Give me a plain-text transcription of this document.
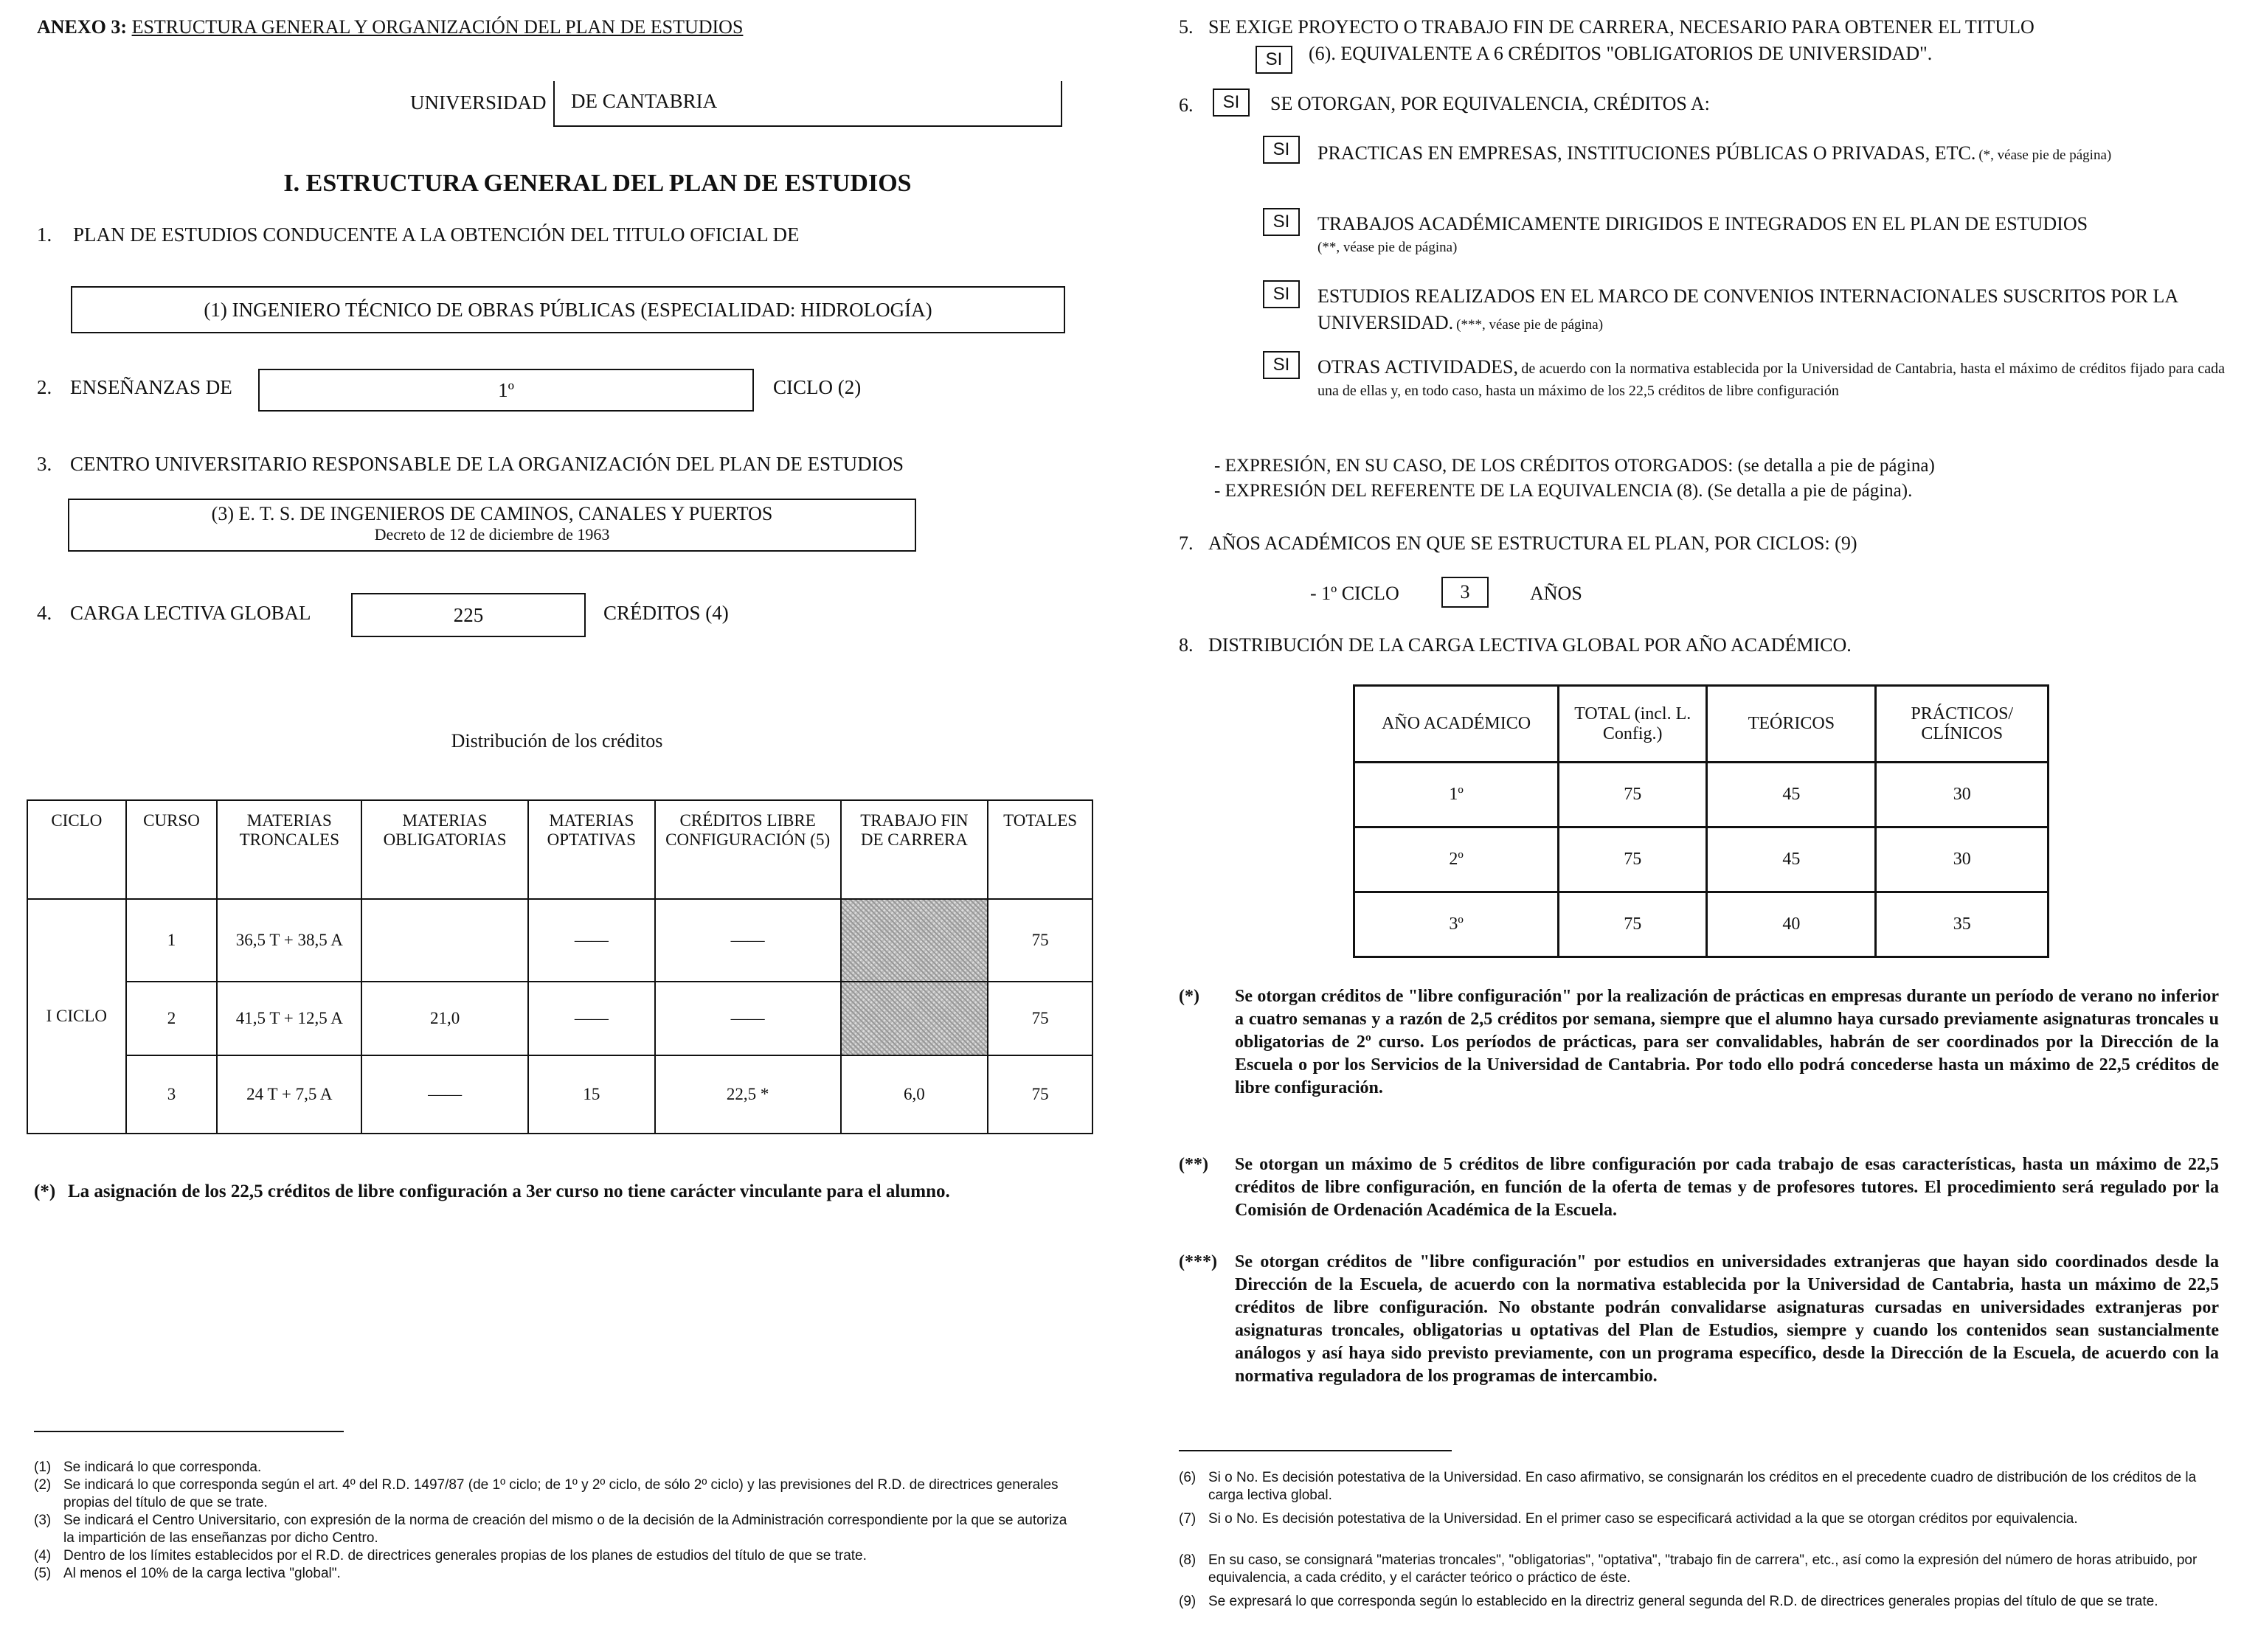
ANEXO 3: ESTRUCTURA GENERAL Y ORGANIZACIÓN DEL PLAN DE ESTUDIOS
UNIVERSIDAD DE CANTABRIA
I. ESTRUCTURA GENERAL DEL PLAN DE ESTUDIOS
1. PLAN DE ESTUDIOS CONDUCENTE A LA OBTENCIÓN DEL TITULO OFICIAL DE
(1) INGENIERO TÉCNICO DE OBRAS PÚBLICAS (ESPECIALIDAD: HIDROLOGÍA)
2. ENSEÑANZAS DE	1º	CICLO (2)
3. CENTRO UNIVERSITARIO RESPONSABLE DE LA ORGANIZACIÓN DEL PLAN DE ESTUDIOS
(3) E. T. S. DE INGENIEROS DE CAMINOS, CANALES Y PUERTOS
Decreto de 12 de diciembre de 1963
4. CARGA LECTIVA GLOBAL	225	CRÉDITOS (4)
Distribución de los créditos
CICLO	CURSO	MATERIAS TRONCALES	MATERIAS OBLIGATORIAS	MATERIAS OPTATIVAS	CRÉDITOS LIBRE CONFIGURACIÓN (5)	TRABAJO FIN DE CARRERA	TOTALES
I CICLO	1	36,5 T + 38,5 A		——	——		75
	2	41,5 T + 12,5 A	21,0	——	——		75
	3	24 T + 7,5 A	——	15	22,5 *	6,0	75
(*) La asignación de los 22,5 créditos de libre configuración a 3er curso no tiene carácter vinculante para el alumno.
(1) Se indicará lo que corresponda.
(2) Se indicará lo que corresponda según el art. 4º del R.D. 1497/87 (de 1º ciclo; de 1º y 2º ciclo, de sólo 2º ciclo) y las previsiones del R.D. de directrices generales propias del título de que se trate.
(3) Se indicará el Centro Universitario, con expresión de la norma de creación del mismo o de la decisión de la Administración correspondiente por la que se autoriza la impartición de las enseñanzas por dicho Centro.
(4) Dentro de los límites establecidos por el R.D. de directrices generales propias de los planes de estudios del título de que se trate.
(5) Al menos el 10% de la carga lectiva "global".
5. SE EXIGE PROYECTO O TRABAJO FIN DE CARRERA, NECESARIO PARA OBTENER EL TITULO
SI	(6). EQUIVALENTE A 6 CRÉDITOS "OBLIGATORIOS DE UNIVERSIDAD".
6.	SI	SE OTORGAN, POR EQUIVALENCIA, CRÉDITOS A:
SI	PRACTICAS EN EMPRESAS, INSTITUCIONES PÚBLICAS O PRIVADAS, ETC. (*, véase pie de página)
SI	TRABAJOS ACADÉMICAMENTE DIRIGIDOS E INTEGRADOS EN EL PLAN DE ESTUDIOS
(**, véase pie de página)
SI	ESTUDIOS REALIZADOS EN EL MARCO DE CONVENIOS INTERNACIONALES SUSCRITOS POR LA UNIVERSIDAD. (***, véase pie de página)
SI	OTRAS ACTIVIDADES, de acuerdo con la normativa establecida por la Universidad de Cantabria, hasta el máximo de créditos fijado para cada una de ellas y, en todo caso, hasta un máximo de los 22,5 créditos de libre configuración
- EXPRESIÓN, EN SU CASO, DE LOS CRÉDITOS OTORGADOS: (se detalla a pie de página)
- EXPRESIÓN DEL REFERENTE DE LA EQUIVALENCIA (8). (Se detalla a pie de página).
7. AÑOS ACADÉMICOS EN QUE SE ESTRUCTURA EL PLAN, POR CICLOS: (9)
- 1º CICLO	3	AÑOS
8. DISTRIBUCIÓN DE LA CARGA LECTIVA GLOBAL POR AÑO ACADÉMICO.
AÑO ACADÉMICO	TOTAL (incl. L. Config.)	TEÓRICOS	PRÁCTICOS/ CLÍNICOS
1º	75	45	30
2º	75	45	30
3º	75	40	35
(*) Se otorgan créditos de "libre configuración" por la realización de prácticas en empresas durante un período de verano no inferior a cuatro semanas y a razón de 2,5 créditos por semana, siempre que el alumno haya cursado previamente asignaturas troncales u obligatorias de 2º curso. Los períodos de prácticas, para ser convalidables, habrán de ser coordinados por la Dirección de la Escuela o por los Servicios de la Universidad de Cantabria. Por todo ello podrá concederse hasta un máximo de 22,5 créditos de libre configuración.
(**) Se otorgan un máximo de 5 créditos de libre configuración por cada trabajo de esas características, hasta un máximo de 22,5 créditos de libre configuración, en función de la oferta de temas y de profesores tutores. El procedimiento será regulado por la Comisión de Ordenación Académica de la Escuela.
(***) Se otorgan créditos de "libre configuración" por estudios en universidades extranjeras que hayan sido coordinados desde la Dirección de la Escuela, de acuerdo con la normativa establecida por la Universidad de Cantabria, hasta un máximo de 22,5 créditos de libre configuración. No obstante podrán convalidarse asignaturas cursadas en universidades extranjeras por asignaturas troncales, obligatorias u optativas del Plan de Estudios, siempre y cuando los contenidos sean sustancialmente análogos y así haya sido previsto previamente, con un programa específico, desde la Dirección de la Escuela, de acuerdo con la normativa reguladora de los programas de intercambio.
(6) Si o No. Es decisión potestativa de la Universidad. En caso afirmativo, se consignarán los créditos en el precedente cuadro de distribución de los créditos de la carga lectiva global.
(7) Si o No. Es decisión potestativa de la Universidad. En el primer caso se especificará actividad a la que se otorgan créditos por equivalencia.
(8) En su caso, se consignará "materias troncales", "obligatorias", "optativa", "trabajo fin de carrera", etc., así como la expresión del número de horas atribuido, por equivalencia, a cada crédito, y el carácter teórico o práctico de éste.
(9) Se expresará lo que corresponda según lo establecido en la directriz general segunda del R.D. de directrices generales propias del título de que se trate.
